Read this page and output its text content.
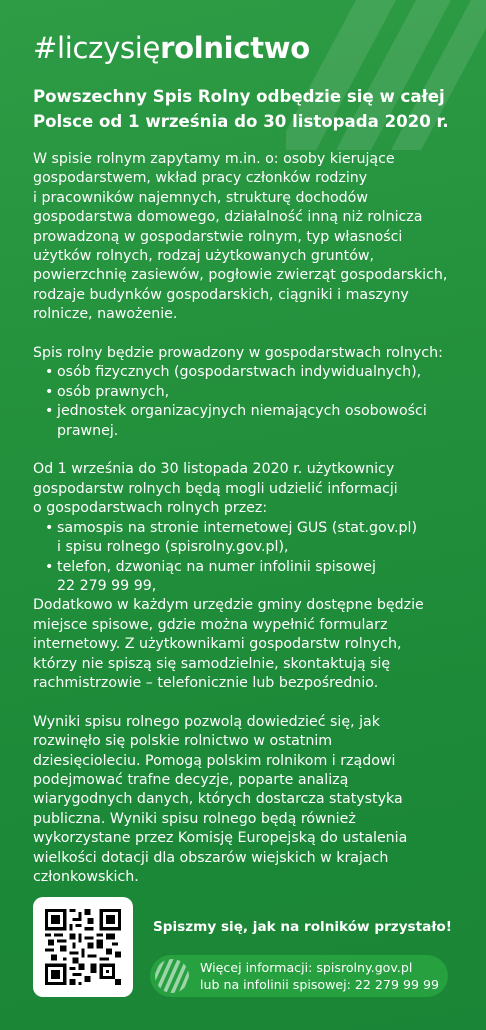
#liczysięrolnictwo
Powszechny Spis Rolny odbędzie się w całej
Polsce od 1 września do 30 listopada 2020 r.

W spisie rolnym zapytamy m.in. o: osoby kierujące
gospodarstwem, wkład pracy członków rodziny
i pracowników najemnych, strukturę dochodów
gospodarstwa domowego, działalność inną niż rolnicza
prowadzoną w gospodarstwie rolnym, typ własności
użytków rolnych, rodzaj użytkowanych gruntów,
powierzchnię zasiewów, pogłowie zwierząt gospodarskich,
rodzaje budynków gospodarskich, ciągniki i maszyny
rolnicze, nawożenie.

Spis rolny będzie prowadzony w gospodarstwach rolnych:

• osób fizycznych (gospodarstwach indywidualnych),
• osób prawnych,
• jednostek organizacyjnych niemających osobowości
prawnej.

Od 1 września do 30 listopada 2020 r. użytkownicy
gospodarstw rolnych będą mogli udzielić informacji
o gospodarstwach rolnych przez:

• samospis na stronie internetowej GUS (stat.gov.pl)
i spisu rolnego (spisrolny.gov.pl),
• telefon, dzwoniąc na numer infolinii spisowej
22 279 99 99,

Dodatkowo w każdym urzędzie gminy dostępne będzie
miejsce spisowe, gdzie można wypełnić formularz
internetowy. Z użytkownikami gospodarstw rolnych,
którzy nie spiszą się samodzielnie, skontaktują się
rachmistrzowie – telefonicznie lub bezpośrednio.

Wyniki spisu rolnego pozwolą dowiedzieć się, jak
rozwinęło się polskie rolnictwo w ostatnim
dziesięcioleciu. Pomogą polskim rolnikom i rządowi
podejmować trafne decyzje, poparte analizą
wiarygodnych danych, których dostarcza statystyka
publiczna. Wyniki spisu rolnego będą również
wykorzystane przez Komisję Europejską do ustalenia
wielkości dotacji dla obszarów wiejskich w krajach
członkowskich.

Spiszmy się, jak na rolników przystało!
Więcej informacji: spisrolny.gov.pl
lub na infolinii spisowej: 22 279 99 99
